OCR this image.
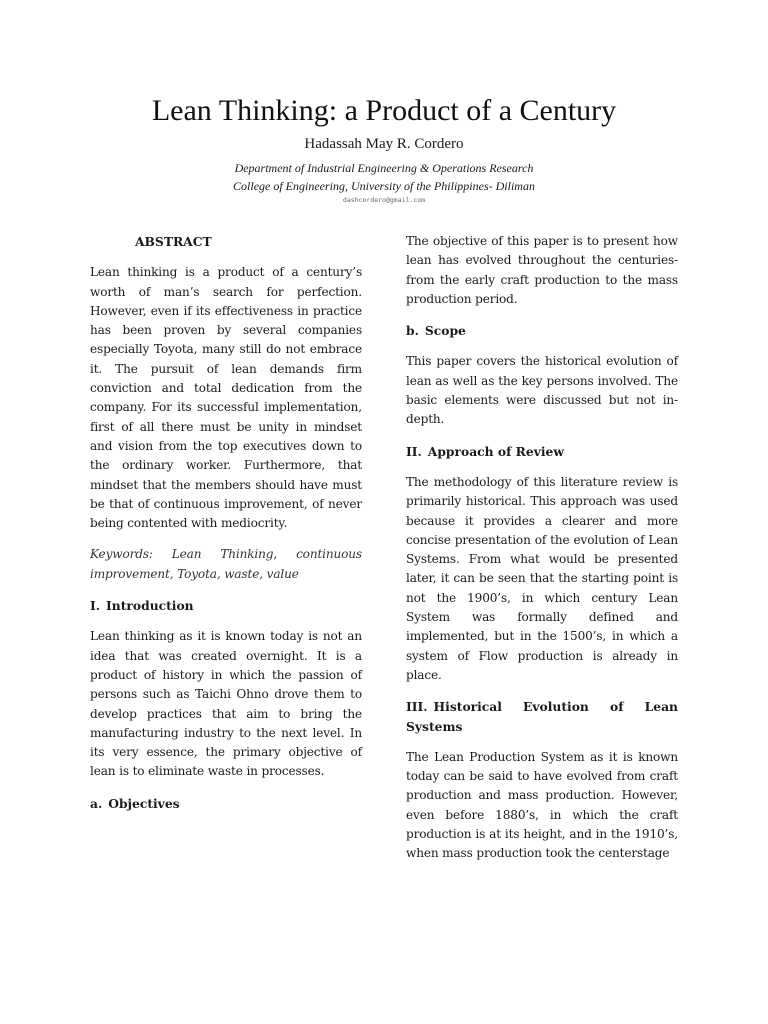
Lean Thinking: a Product of a Century
Hadassah May R. Cordero
Department of Industrial Engineering & Operations Research
College of Engineering, University of the Philippines- Diliman
dashcordero@gmail.com
ABSTRACT

Lean thinking is a product of a century’s worth of man’s search for perfection. However, even if its effectiveness in practice has been proven by several companies especially Toyota, many still do not embrace it. The pursuit of lean demands firm conviction and total dedication from the company. For its successful implementation, first of all there must be unity in mindset and vision from the top executives down to the ordinary worker. Furthermore, that mindset that the members should have must be that of continuous improvement, of never being contented with mediocrity.

Keywords: Lean Thinking, continuous improvement, Toyota, waste, value

I. Introduction

Lean thinking as it is known today is not an idea that was created overnight. It is a product of history in which the passion of persons such as Taichi Ohno drove them to develop practices that aim to bring the manufacturing industry to the next level. In its very essence, the primary objective of lean is to eliminate waste in processes.

a. Objectives

The objective of this paper is to present how lean has evolved throughout the centuries- from the early craft production to the mass production period.

b. Scope

This paper covers the historical evolution of lean as well as the key persons involved. The basic elements were discussed but not in-depth.

II. Approach of Review

The methodology of this literature review is primarily historical. This approach was used because it provides a clearer and more concise presentation of the evolution of Lean Systems. From what would be presented later, it can be seen that the starting point is not the 1900’s, in which century Lean System was formally defined and implemented, but in the 1500’s, in which a system of Flow production is already in place.

III. Historical Evolution of Lean Systems

The Lean Production System as it is known today can be said to have evolved from craft production and mass production. However, even before 1880’s, in which the craft production is at its height, and in the 1910’s, when mass production took the centerstage
